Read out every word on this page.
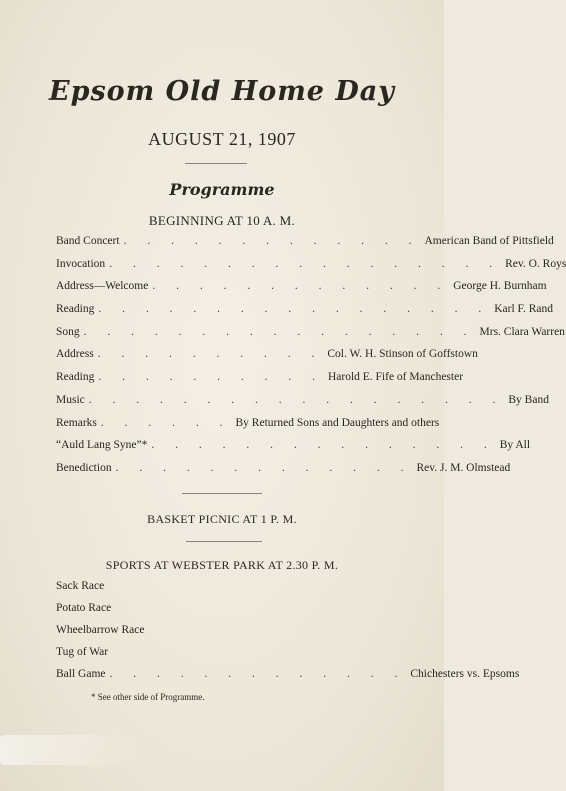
Epsom Old Home Day
AUGUST 21, 1907
Programme
BEGINNING AT 10 A. M.
Band Concert . . . . . . . . . . . . . American Band of Pittsfield
Invocation . . . . . . . . . . . . . . . . . Rev. O. Roys
Address—Welcome . . . . . . . . . . . . . George H. Burnham
Reading . . . . . . . . . . . . . . . . . Karl F. Rand
Song . . . . . . . . . . . . . . . . . Mrs. Clara Warren
Address . . . . . . . . . . Col. W. H. Stinson of Goffstown
Reading . . . . . . . . . . Harold E. Fife of Manchester
Music . . . . . . . . . . . . . . . . . . By Band
Remarks . . . . . . By Returned Sons and Daughters and others
“Auld Lang Syne”* . . . . . . . . . . . . . . . By All
Benediction . . . . . . . . . . . . . Rev. J. M. Olmstead
BASKET PICNIC AT 1 P. M.
SPORTS AT WEBSTER PARK AT 2.30 P. M.
Sack Race
Potato Race
Wheelbarrow Race
Tug of War
Ball Game . . . . . . . . . . . . . Chichesters vs. Epsoms
* See other side of Programme.
